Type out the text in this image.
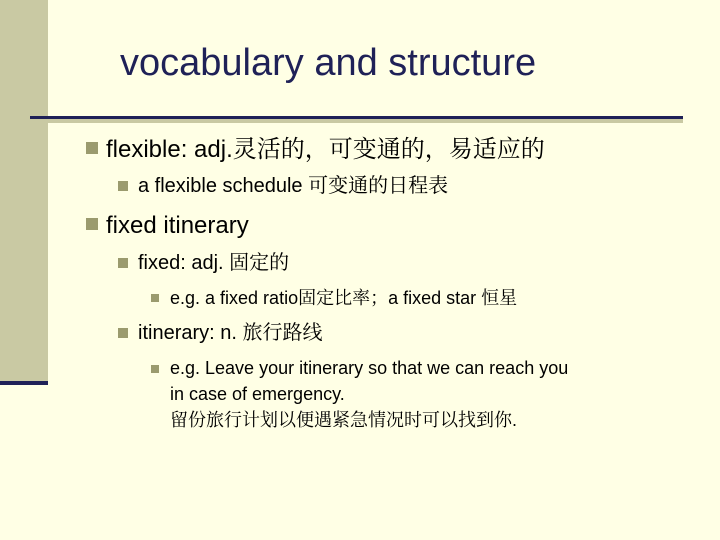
vocabulary and structure
flexible: adj.灵活的，可变通的，易适应的
a flexible schedule 可变通的日程表
fixed itinerary
fixed: adj. 固定的
e.g. a fixed ratio固定比率；a fixed star 恒星
itinerary: n. 旅行路线
e.g. Leave your itinerary so that we can reach you
in case of emergency.
留份旅行计划以便遇紧急情况时可以找到你.
